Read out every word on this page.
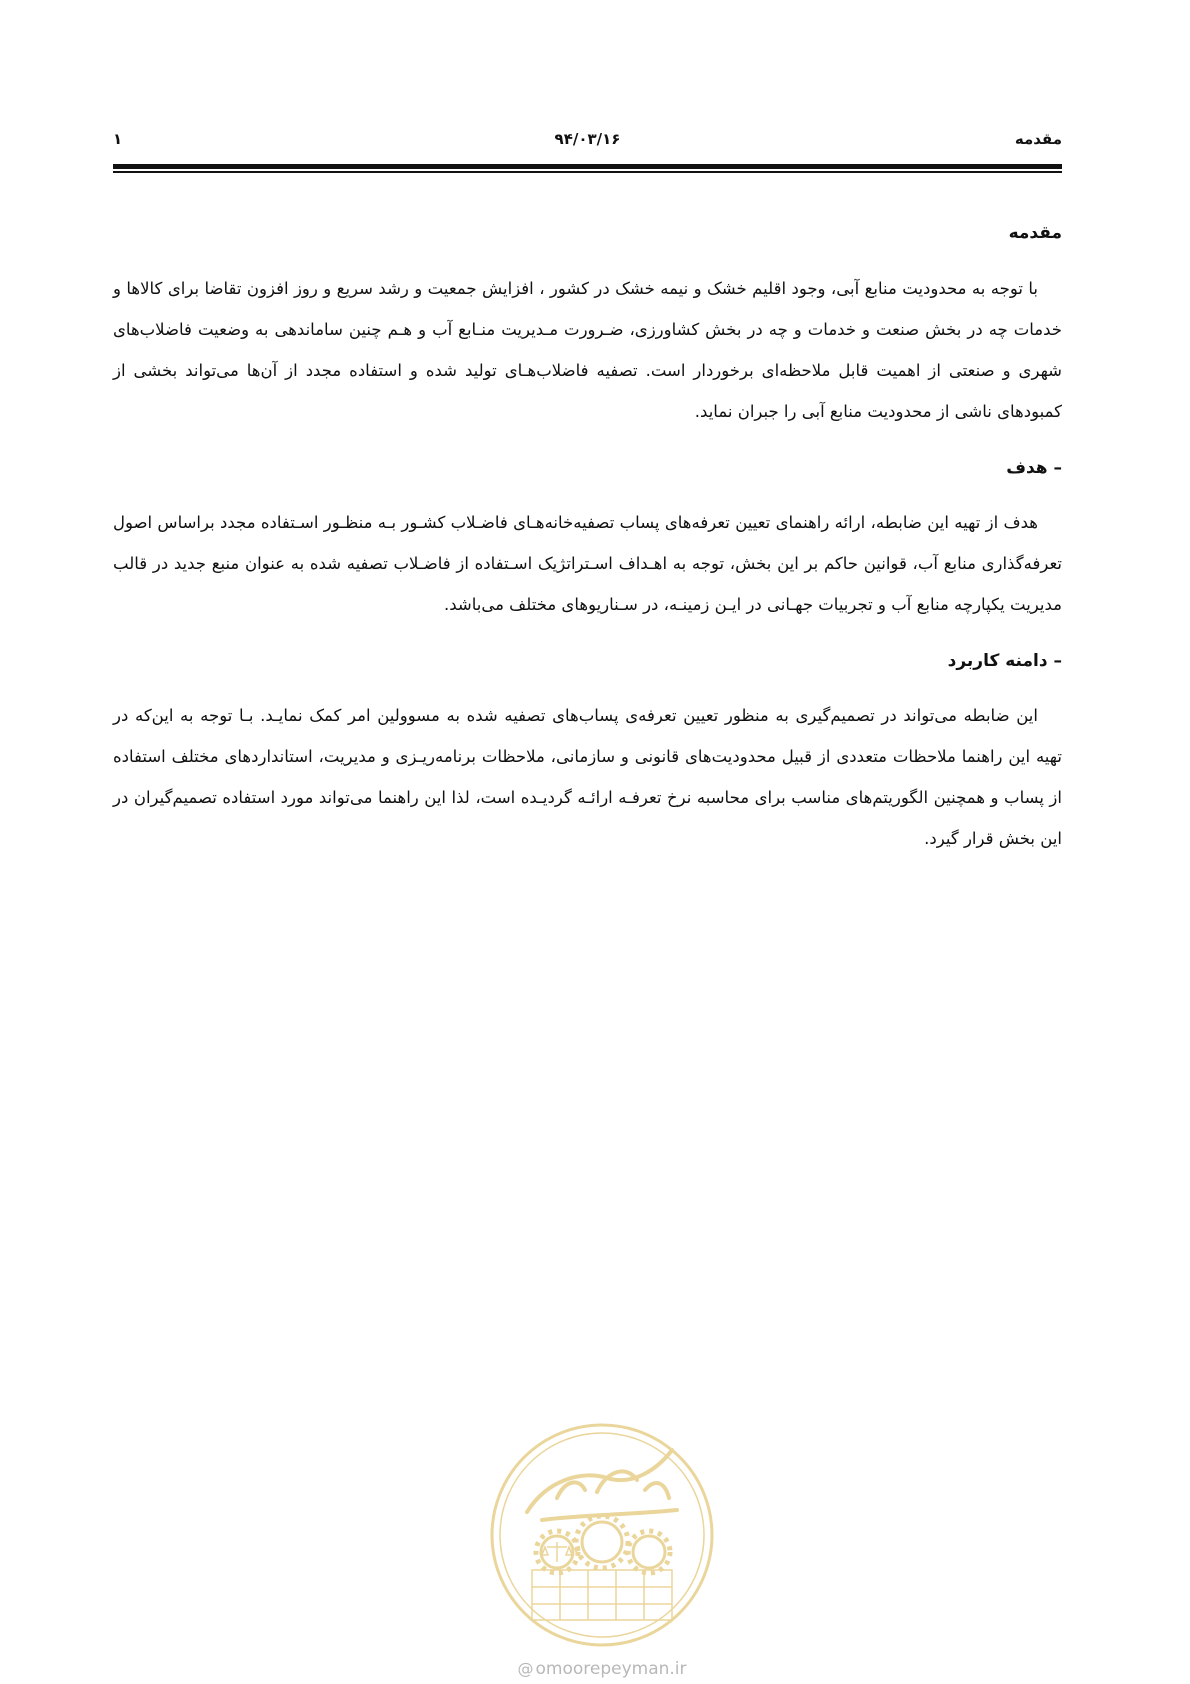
مقدمه
۹۴/۰۳/۱۶
۱
مقدمه

با توجه به محدودیت منابع آبی، وجود اقلیم خشک و نیمه خشک در کشور ، افزایش جمعیت و رشد سریع و روز افزون تقاضا برای کالاها و خدمات چه در بخش صنعت و خدمات و چه در بخش کشاورزی، ضـرورت مـدیریت منـابع آب و هـم چنین ساماندهی به وضعیت فاضلاب‌های شهری و صنعتی از اهمیت قابل ملاحظه‌ای برخوردار است. تصفیه فاضلاب‌هـای تولید شده و استفاده مجدد از آن‌ها می‌تواند بخشی از کمبودهای ناشی از محدودیت منابع آبی را جبران نماید.

– هدف

هدف از تهیه این ضابطه، ارائه راهنمای تعیین تعرفه‌های پساب تصفیه‌خانه‌هـای فاضـلاب کشـور بـه منظـور اسـتفاده مجدد براساس اصول تعرفه‌گذاری منابع آب، قوانین حاکم بر این بخش، توجه به اهـداف اسـتراتژیک اسـتفاده از فاضـلاب تصفیه شده به عنوان منبع جدید در قالب مدیریت یکپارچه منابع آب و تجربیات جهـانی در ایـن زمینـه، در سـناریوهای مختلف می‌باشد.

– دامنه کاربرد

این ضابطه می‌تواند در تصمیم‌گیری به منظور تعیین تعرفه‌ی پساب‌های تصفیه شده به مسوولین امر کمک نمایـد. بـا توجه به این‌که در تهیه این راهنما ملاحظات متعددی از قبیل محدودیت‌های قانونی و سازمانی، ملاحظات برنامه‌ریـزی و مدیریت، استانداردهای مختلف استفاده از پساب و همچنین الگوریتم‌های مناسب برای محاسبه نرخ تعرفـه ارائـه گردیـده است، لذا این راهنما می‌تواند مورد استفاده تصمیم‌گیران در این بخش قرار گیرد.

@ omoorepeyman.ir
